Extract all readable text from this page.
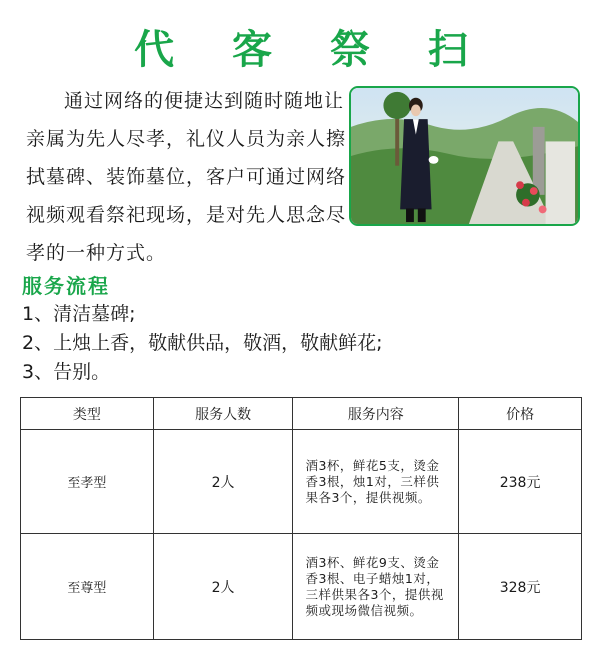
代 客 祭 扫

通过网络的便捷达到随时随地让亲属为先人尽孝，礼仪人员为亲人擦拭墓碑、装饰墓位，客户可通过网络视频观看祭祀现场，是对先人思念尽孝的一种方式。

服务流程
1、清洁墓碑;
2、上烛上香，敬献供品，敬酒，敬献鲜花;
3、告别。
类型	服务人数	服务内容	价格
至孝型	2人	酒3杯，鲜花5支，烫金香3根，烛1对，三样供果各3个，提供视频。	238元
至尊型	2人	酒3杯、鲜花9支、烫金香3根、电子蜡烛1对，三样供果各3个，提供视频或现场微信视频。	328元
